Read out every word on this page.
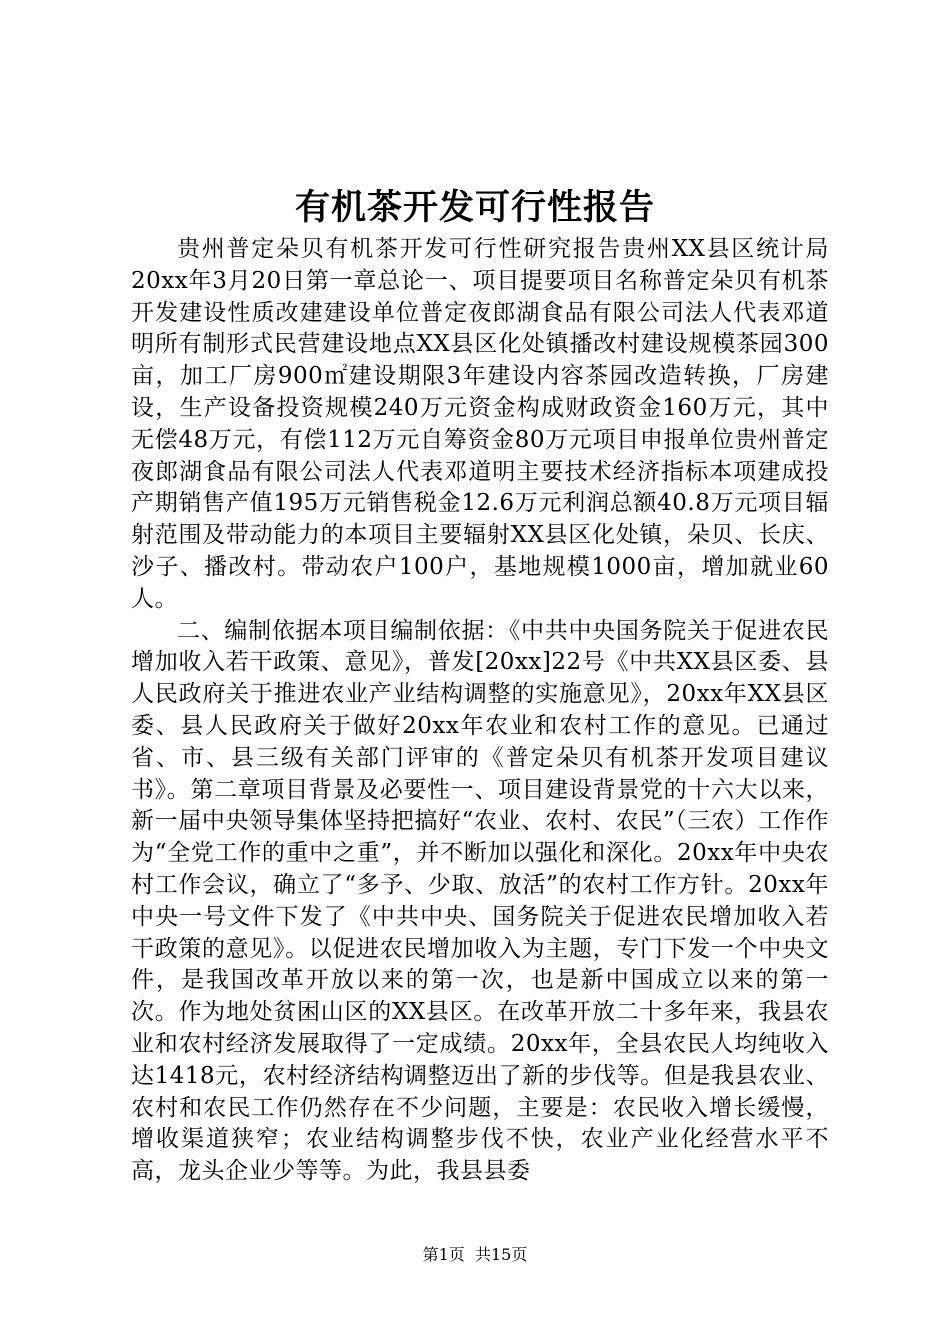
有机茶开发可行性报告

贵州普定朵贝有机茶开发可行性研究报告贵州XX县区统计局20xx年3月20日第一章总论一、项目提要项目名称普定朵贝有机茶开发建设性质改建建设单位普定夜郎湖食品有限公司法人代表邓道明所有制形式民营建设地点XX县区化处镇播改村建设规模茶园300亩，加工厂房900㎡建设期限3年建设内容茶园改造转换，厂房建设，生产设备投资规模240万元资金构成财政资金160万元，其中无偿48万元，有偿112万元自筹资金80万元项目申报单位贵州普定夜郎湖食品有限公司法人代表邓道明主要技术经济指标本项建成投产期销售产值195万元销售税金12.6万元利润总额40.8万元项目辐射范围及带动能力的本项目主要辐射XX县区化处镇，朵贝、长庆、沙子、播改村。带动农户100户，基地规模1000亩，增加就业60人。

二、编制依据本项目编制依据：《中共中央国务院关于促进农民增加收入若干政策、意见》，普发[20xx]22号《中共XX县区委、县人民政府关于推进农业产业结构调整的实施意见》，20xx年XX县区委、县人民政府关于做好20xx年农业和农村工作的意见。已通过省、市、县三级有关部门评审的《普定朵贝有机茶开发项目建议书》。第二章项目背景及必要性一、项目建设背景党的十六大以来，新一届中央领导集体坚持把搞好“农业、农村、农民”（三农）工作作为“全党工作的重中之重”，并不断加以强化和深化。20xx年中央农村工作会议，确立了“多予、少取、放活”的农村工作方针。20xx年中央一号文件下发了《中共中央、国务院关于促进农民增加收入若干政策的意见》。以促进农民增加收入为主题，专门下发一个中央文件，是我国改革开放以来的第一次，也是新中国成立以来的第一次。作为地处贫困山区的XX县区。在改革开放二十多年来，我县农业和农村经济发展取得了一定成绩。20xx年，全县农民人均纯收入达1418元，农村经济结构调整迈出了新的步伐等。但是我县农业、农村和农民工作仍然存在不少问题，主要是：农民收入增长缓慢，增收渠道狭窄；农业结构调整步伐不快，农业产业化经营水平不高，龙头企业少等等。为此，我县县委

第1页 共15页
